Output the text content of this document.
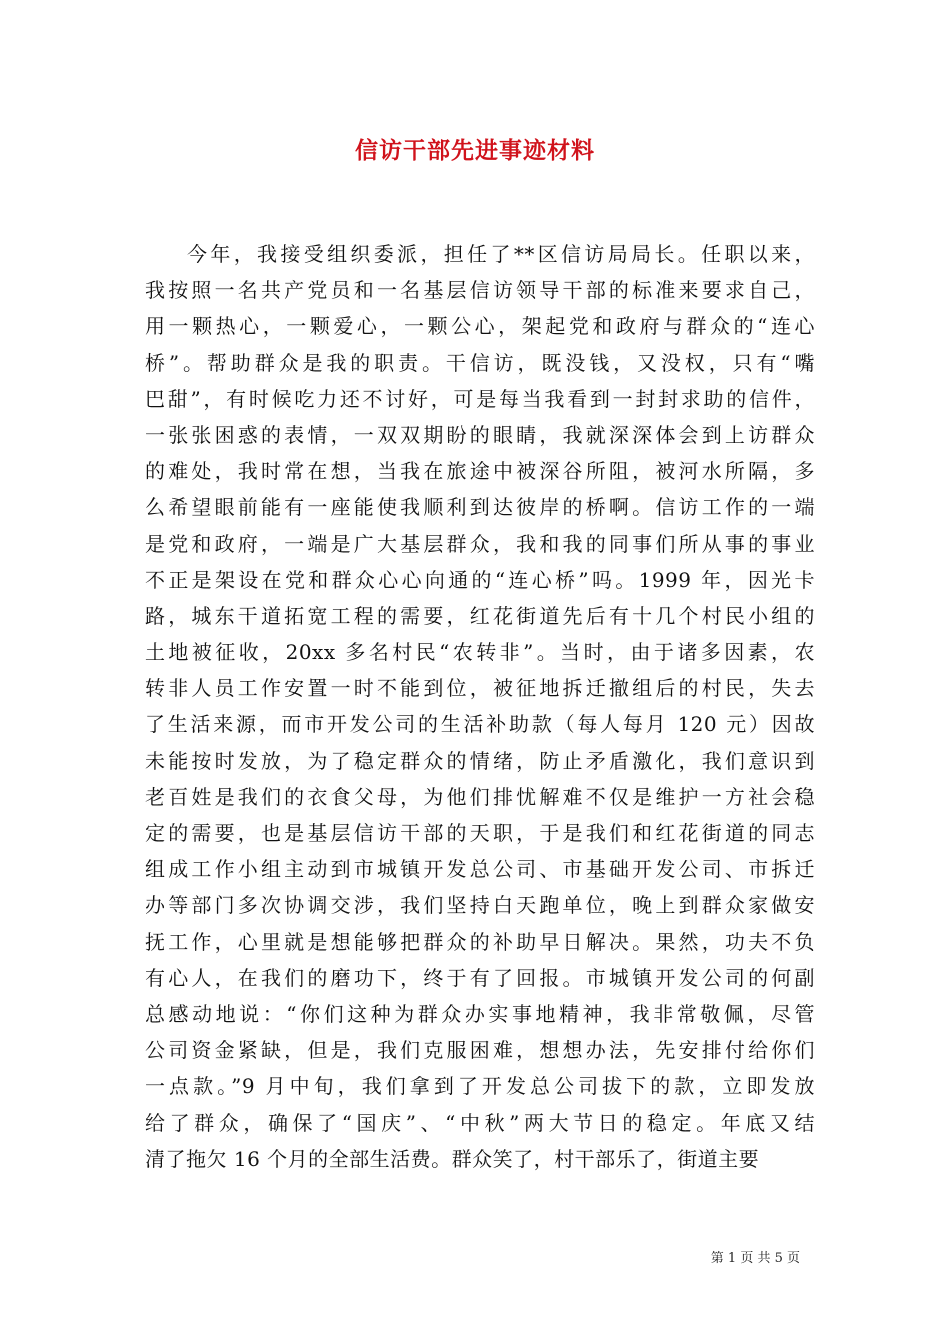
信访干部先进事迹材料
今年，我接受组织委派，担任了**区信访局局长。任职以来，
我按照一名共产党员和一名基层信访领导干部的标准来要求自己，
用一颗热心，一颗爱心，一颗公心，架起党和政府与群众的“连心
桥”。帮助群众是我的职责。干信访，既没钱，又没权，只有“嘴
巴甜”，有时候吃力还不讨好，可是每当我看到一封封求助的信件，
一张张困惑的表情，一双双期盼的眼睛，我就深深体会到上访群众
的难处，我时常在想，当我在旅途中被深谷所阻，被河水所隔，多
么希望眼前能有一座能使我顺利到达彼岸的桥啊。信访工作的一端
是党和政府，一端是广大基层群众，我和我的同事们所从事的事业
不正是架设在党和群众心心向通的“连心桥”吗。1999 年，因光卡
路，城东干道拓宽工程的需要，红花街道先后有十几个村民小组的
土地被征收，20xx 多名村民“农转非”。当时，由于诸多因素，农
转非人员工作安置一时不能到位，被征地拆迁撤组后的村民，失去
了生活来源，而市开发公司的生活补助款（每人每月 120 元）因故
未能按时发放，为了稳定群众的情绪，防止矛盾激化，我们意识到
老百姓是我们的衣食父母，为他们排忧解难不仅是维护一方社会稳
定的需要，也是基层信访干部的天职，于是我们和红花街道的同志
组成工作小组主动到市城镇开发总公司、市基础开发公司、市拆迁
办等部门多次协调交涉，我们坚持白天跑单位，晚上到群众家做安
抚工作，心里就是想能够把群众的补助早日解决。果然，功夫不负
有心人，在我们的磨功下，终于有了回报。市城镇开发公司的何副
总感动地说：“你们这种为群众办实事地精神，我非常敬佩，尽管
公司资金紧缺，但是，我们克服困难，想想办法，先安排付给你们
一点款。”9 月中旬，我们拿到了开发总公司拔下的款，立即发放
给了群众，确保了“国庆”、“中秋”两大节日的稳定。年底又结
清了拖欠 16 个月的全部生活费。群众笑了，村干部乐了，街道主要
第 1 页 共 5 页
